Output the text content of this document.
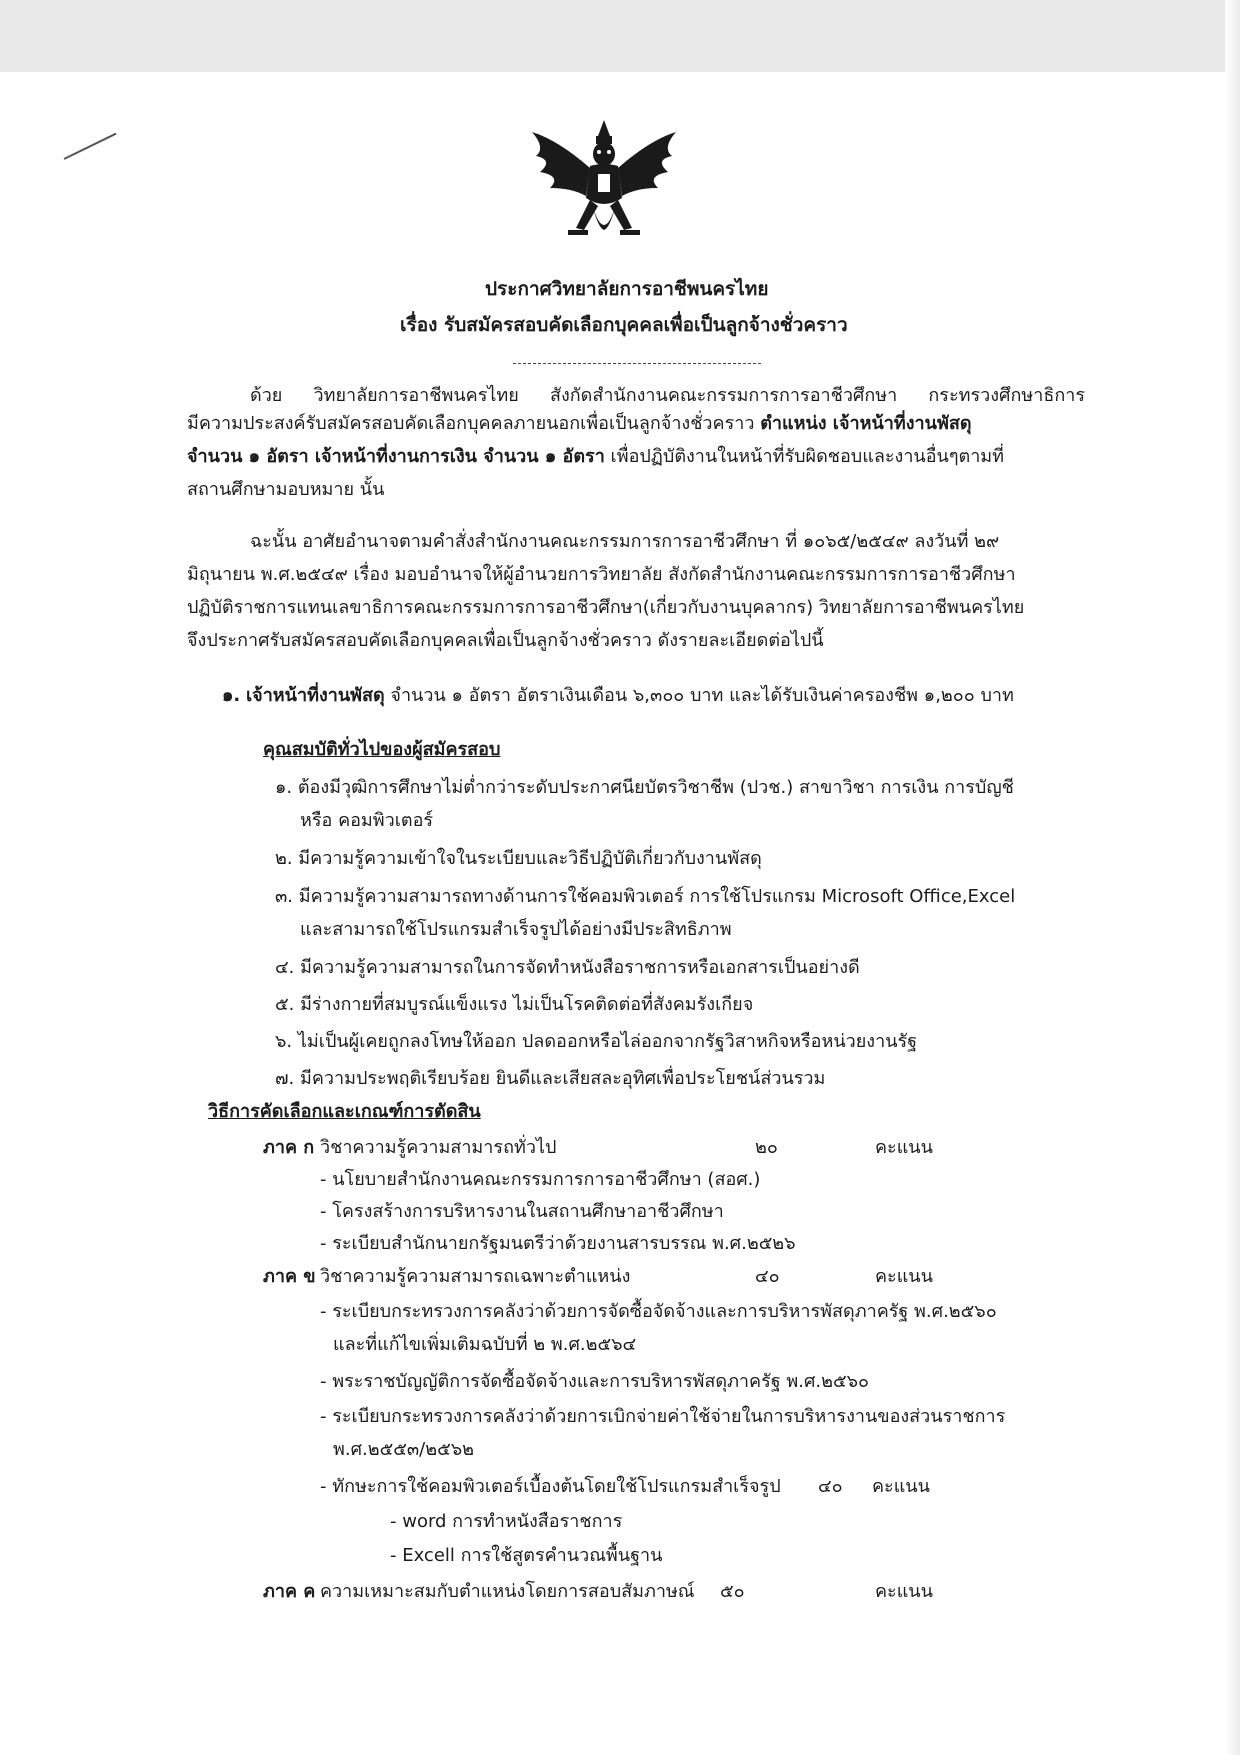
ประกาศวิทยาลัยการอาชีพนครไทย
เรื่อง รับสมัครสอบคัดเลือกบุคคลเพื่อเป็นลูกจ้างชั่วคราว
ด้วย วิทยาลัยการอาชีพนครไทย สังกัดสำนักงานคณะกรรมการการอาชีวศึกษา กระทรวงศึกษาธิการ
มีความประสงค์รับสมัครสอบคัดเลือกบุคคลภายนอกเพื่อเป็นลูกจ้างชั่วคราว ตำแหน่ง เจ้าหน้าที่งานพัสดุ
จำนวน ๑ อัตรา เจ้าหน้าที่งานการเงิน จำนวน ๑ อัตรา เพื่อปฏิบัติงานในหน้าที่รับผิดชอบและงานอื่นๆตามที่
สถานศึกษามอบหมาย นั้น
ฉะนั้น อาศัยอำนาจตามคำสั่งสำนักงานคณะกรรมการการอาชีวศึกษา ที่ ๑๐๖๕/๒๕๔๙ ลงวันที่ ๒๙
มิถุนายน พ.ศ.๒๕๔๙ เรื่อง มอบอำนาจให้ผู้อำนวยการวิทยาลัย สังกัดสำนักงานคณะกรรมการการอาชีวศึกษา
ปฏิบัติราชการแทนเลขาธิการคณะกรรมการการอาชีวศึกษา(เกี่ยวกับงานบุคลากร) วิทยาลัยการอาชีพนครไทย
จึงประกาศรับสมัครสอบคัดเลือกบุคคลเพื่อเป็นลูกจ้างชั่วคราว ดังรายละเอียดต่อไปนี้
๑. เจ้าหน้าที่งานพัสดุ จำนวน ๑ อัตรา อัตราเงินเดือน ๖,๓๐๐ บาท และได้รับเงินค่าครองชีพ ๑,๒๐๐ บาท
คุณสมบัติทั่วไปของผู้สมัครสอบ
๑. ต้องมีวุฒิการศึกษาไม่ต่ำกว่าระดับประกาศนียบัตรวิชาชีพ (ปวช.) สาขาวิชา การเงิน การบัญชี
หรือ คอมพิวเตอร์
๒. มีความรู้ความเข้าใจในระเบียบและวิธีปฏิบัติเกี่ยวกับงานพัสดุ
๓. มีความรู้ความสามารถทางด้านการใช้คอมพิวเตอร์ การใช้โปรแกรม Microsoft Office,Excel
และสามารถใช้โปรแกรมสำเร็จรูปได้อย่างมีประสิทธิภาพ
๔. มีความรู้ความสามารถในการจัดทำหนังสือราชการหรือเอกสารเป็นอย่างดี
๕. มีร่างกายที่สมบูรณ์แข็งแรง ไม่เป็นโรคติดต่อที่สังคมรังเกียจ
๖. ไม่เป็นผู้เคยถูกลงโทษให้ออก ปลดออกหรือไล่ออกจากรัฐวิสาหกิจหรือหน่วยงานรัฐ
๗. มีความประพฤติเรียบร้อย ยินดีและเสียสละอุทิศเพื่อประโยชน์ส่วนรวม
วิธีการคัดเลือกและเกณฑ์การตัดสิน
ภาค ก วิชาความรู้ความสามารถทั่วไป	๒๐	คะแนน
- นโยบายสำนักงานคณะกรรมการการอาชีวศึกษา (สอศ.)
- โครงสร้างการบริหารงานในสถานศึกษาอาชีวศึกษา
- ระเบียบสำนักนายกรัฐมนตรีว่าด้วยงานสารบรรณ พ.ศ.๒๕๒๖
ภาค ข วิชาความรู้ความสามารถเฉพาะตำแหน่ง	๔๐	คะแนน
- ระเบียบกระทรวงการคลังว่าด้วยการจัดซื้อจัดจ้างและการบริหารพัสดุภาครัฐ พ.ศ.๒๕๖๐
และที่แก้ไขเพิ่มเติมฉบับที่ ๒ พ.ศ.๒๕๖๔
- พระราชบัญญัติการจัดซื้อจัดจ้างและการบริหารพัสดุภาครัฐ พ.ศ.๒๕๖๐
- ระเบียบกระทรวงการคลังว่าด้วยการเบิกจ่ายค่าใช้จ่ายในการบริหารงานของส่วนราชการ
พ.ศ.๒๕๕๓/๒๕๖๒
- ทักษะการใช้คอมพิวเตอร์เบื้องต้นโดยใช้โปรแกรมสำเร็จรูป ๔๐ คะแนน
- word การทำหนังสือราชการ
- Excell การใช้สูตรคำนวณพื้นฐาน
ภาค ค ความเหมาะสมกับตำแหน่งโดยการสอบสัมภาษณ์ ๕๐	คะแนน
